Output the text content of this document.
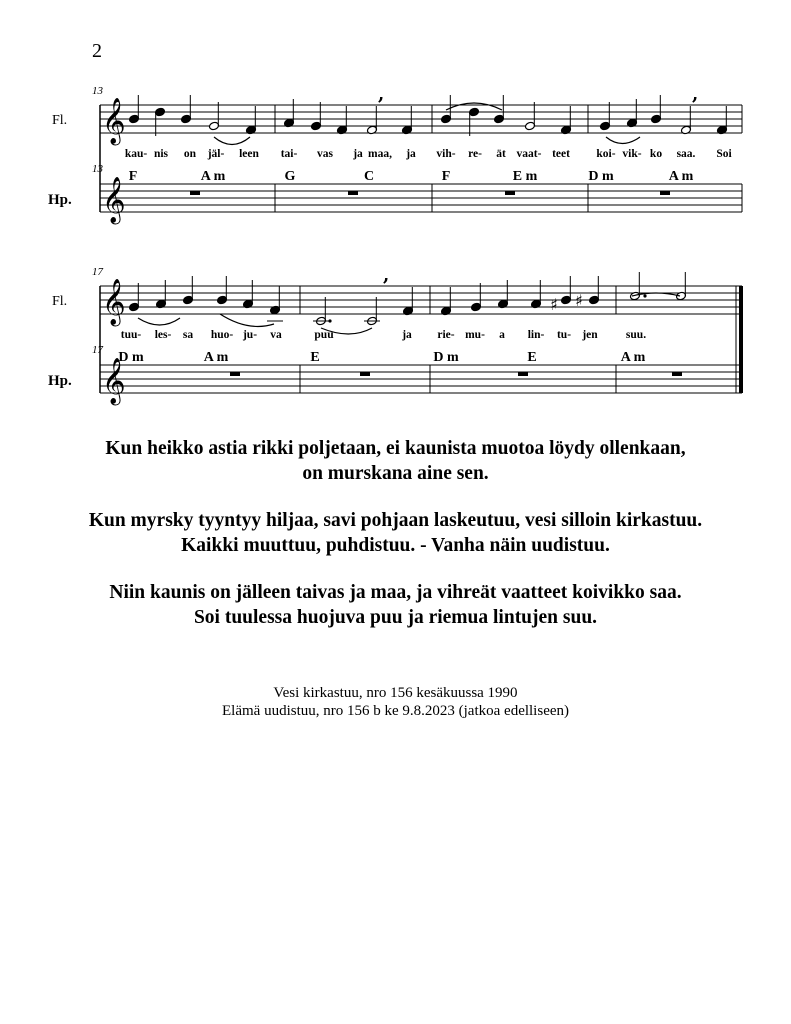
2
𝄞
𝄞
𝄞
𝄞
Fl.
Hp.
Fl.
Hp.
13
13
17
17
,	,
,
♯ ♯
kau- nis on jäl- leen tai- vas ja maa, ja vih- re- ät vaat- teet koi- vik- ko saa. Soi
tuu- les- sa huo- ju- va	puu	ja rie- mu- a lin- tu- jen suu.
F	A m	G	C	F	E m	D m	A m
D m	A m	E	D m	E	A m
Kun heikko astia rikki poljetaan, ei kaunista muotoa löydy ollenkaan,
on murskana aine sen.
Kun myrsky tyyntyy hiljaa, savi pohjaan laskeutuu, vesi silloin kirkastuu.
Kaikki muuttuu, puhdistuu. - Vanha näin uudistuu.
Niin kaunis on jälleen taivas ja maa, ja vihreät vaatteet koivikko saa.
Soi tuulessa huojuva puu ja riemua lintujen suu.
Vesi kirkastuu, nro 156 kesäkuussa 1990
Elämä uudistuu, nro 156 b ke 9.8.2023 (jatkoa edelliseen)
